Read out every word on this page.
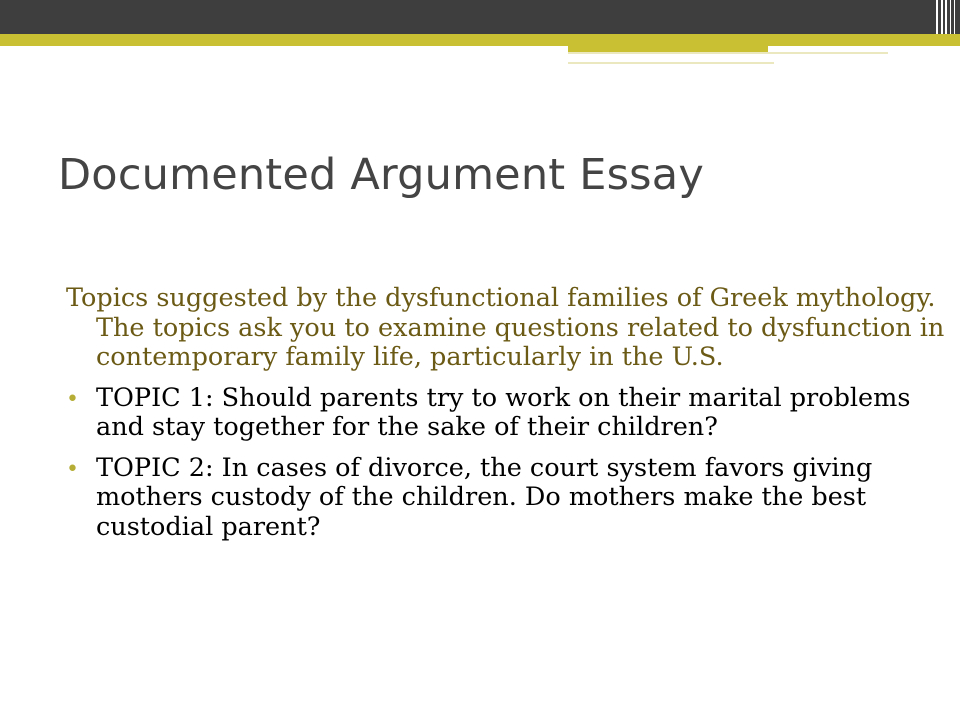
Documented Argument Essay

Topics suggested by the dysfunctional families of Greek mythology. The topics ask you to examine questions related to dysfunction in contemporary family life, particularly in the U.S.

• TOPIC 1: Should parents try to work on their marital problems and stay together for the sake of their children?
• TOPIC 2: In cases of divorce, the court system favors giving mothers custody of the children. Do mothers make the best custodial parent?
